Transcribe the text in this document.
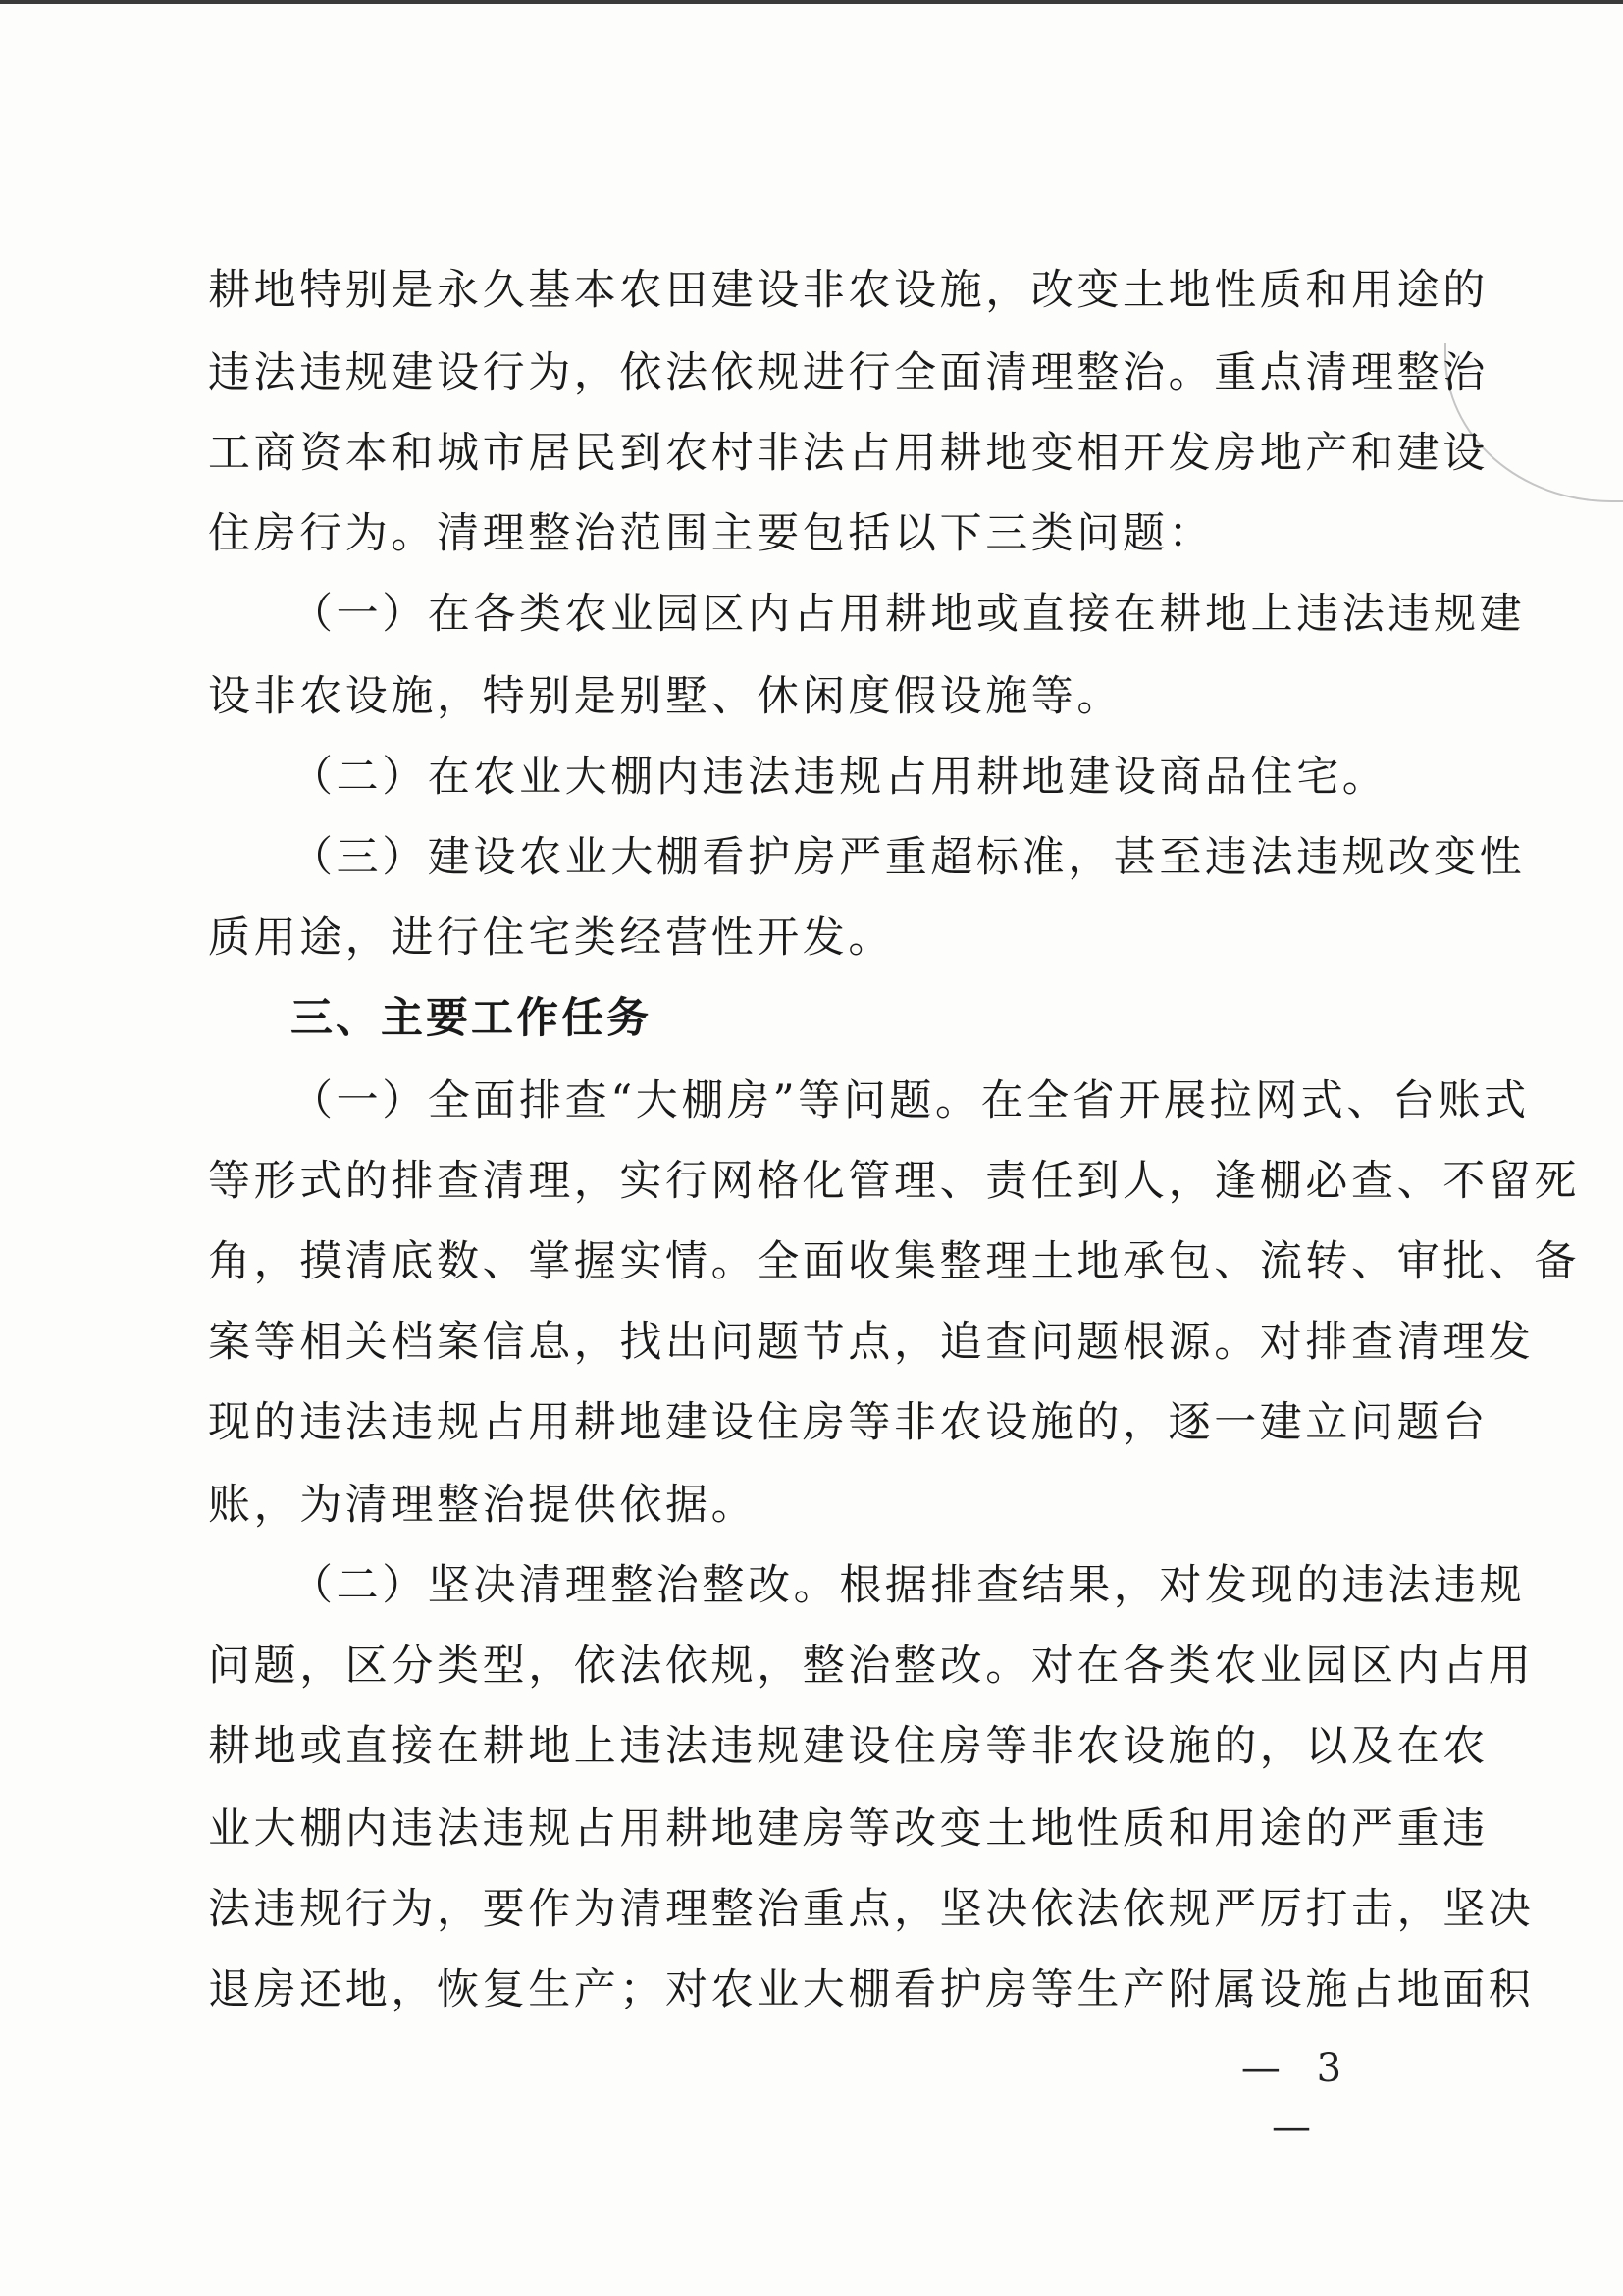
耕地特别是永久基本农田建设非农设施，改变土地性质和用途的
违法违规建设行为，依法依规进行全面清理整治。重点清理整治
工商资本和城市居民到农村非法占用耕地变相开发房地产和建设
住房行为。清理整治范围主要包括以下三类问题：
（一）在各类农业园区内占用耕地或直接在耕地上违法违规建
设非农设施，特别是别墅、休闲度假设施等。
（二）在农业大棚内违法违规占用耕地建设商品住宅。
（三）建设农业大棚看护房严重超标准，甚至违法违规改变性
质用途，进行住宅类经营性开发。
三、主要工作任务
（一）全面排查“大棚房”等问题。在全省开展拉网式、台账式
等形式的排查清理，实行网格化管理、责任到人，逢棚必查、不留死
角，摸清底数、掌握实情。全面收集整理土地承包、流转、审批、备
案等相关档案信息，找出问题节点，追查问题根源。对排查清理发
现的违法违规占用耕地建设住房等非农设施的，逐一建立问题台
账，为清理整治提供依据。
（二）坚决清理整治整改。根据排查结果，对发现的违法违规
问题，区分类型，依法依规，整治整改。对在各类农业园区内占用
耕地或直接在耕地上违法违规建设住房等非农设施的，以及在农
业大棚内违法违规占用耕地建房等改变土地性质和用途的严重违
法违规行为，要作为清理整治重点，坚决依法依规严厉打击，坚决
退房还地，恢复生产；对农业大棚看护房等生产附属设施占地面积
— 3 —
